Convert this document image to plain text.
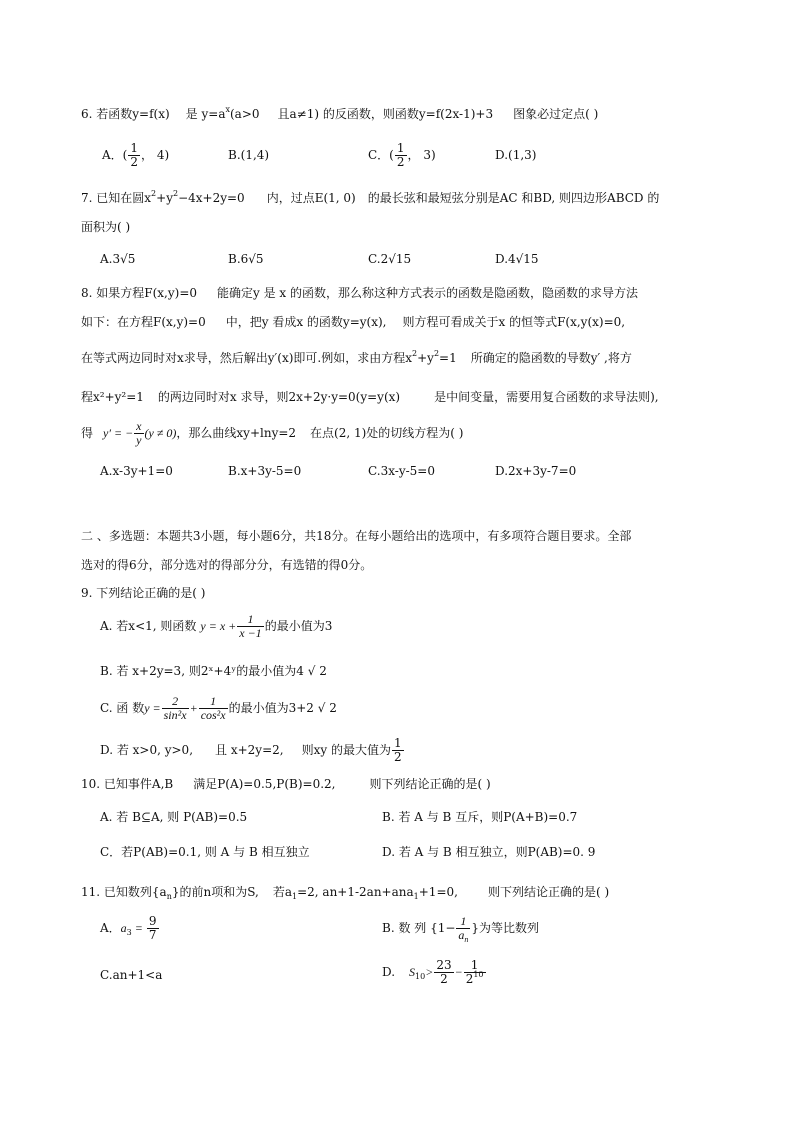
6. 若函数y=f(x) 是 $y=a^x(a>0$ 且a≠1) 的反函数，则函数y=f(2x-1)+3 图象必过定点( )
A．( $\frac{1}{2}$ ， 4)	B.(1,4)	C．( $\frac{1}{2}$ ， 3)	D.(1,3)
7. 已知在圆$x^2+y^2-4x+2y=0$ 内，过点E(1, 0) 的最长弦和最短弦分别是AC 和BD, 则四边形ABCD 的
面积为( )
A.3√5	B.6√5	C.2√15	D.4√15
8. 如果方程F(x,y)=0 能确定y 是 x 的函数，那么称这种方式表示的函数是隐函数，隐函数的求导方法
如下：在方程F(x,y)=0 中，把y 看成x 的函数y=y(x), 则方程可看成关于x 的恒等式F(x,y(x)=0,
在等式两边同时对x求导，然后解出y′(x)即可.例如，求由方程$x^2+y^2=1$ 所确定的隐函数的导数y′ ,将方
程x²+y²=1 的两边同时对x 求导，则2x+2y·y=0(y=y(x)	是中间变量，需要用复合函数的求导法则),
得 y′ = − $\frac{x}{y} (y \ne 0)$，那么曲线xy+lny=2 在点(2, 1)处的切线方程为( )
A.x-3y+1=0	B.x+3y-5=0	C.3x-y-5=0	D.2x+3y-7=0
二 、多选题：本题共3小题，每小题6分，共18分。在每小题给出的选项中，有多项符合题目要求。全部
选对的得6分，部分选对的得部分分，有选错的得0分。
9. 下列结论正确的是( )
A. 若x<1, 则函数 $y = x + \frac{1}{x -1}$ 的最小值为3
B. 若 x+2y=3, 则2ˣ+4ʸ的最小值为4 √ 2
C. 函 数$y = \frac{2}{\text{sin²x}} + \frac{1}{\text{cos²x}}$ 的最小值为3+2 √ 2
D. 若 x>0, y>0, 且 x+2y=2, 则xy 的最大值为 $\frac{1}{2}$
10. 已知事件A,B 满足P(A)=0.5,P(B)=0.2,	则下列结论正确的是( )
A. 若 B⊆A, 则 P(AB)=0.5	B. 若 A 与 B 互斥，则P(A+B)=0.7
C．若P(AB)=0.1, 则 A 与 B 相互独立	D. 若 A 与 B 相互独立，则P(AB)=0. 9
11. 已知数列$\{a_n\}$的前n项和为S, 若$a_1=2$, an+1-2an+ana$_1$+1=0,	则下列结论正确的是( )
A．$a_3 = \frac{9}{7}$	B. 数 列 {$1- \frac{1}{a_n}$ }为等比数列
C.an+1<a	D. $S_{10}> \frac{23}{2} - \frac{1}{2^{10}}$
